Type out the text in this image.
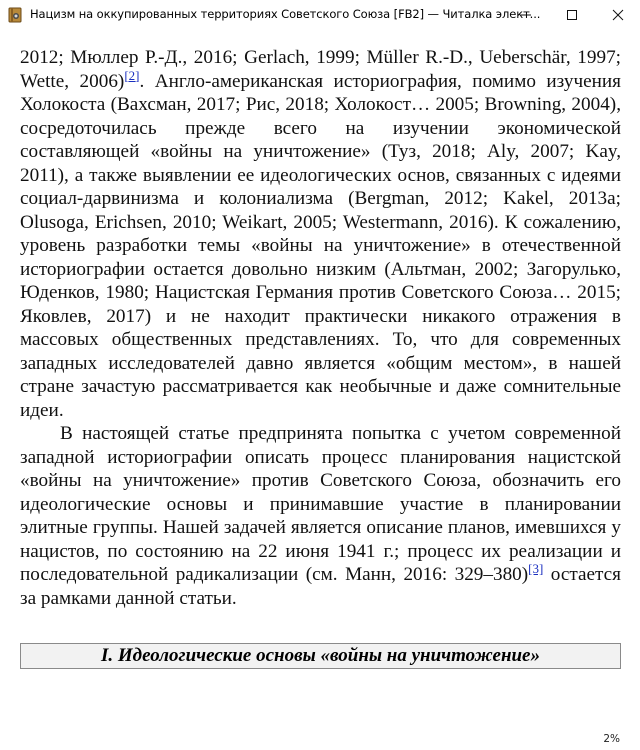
Нацизм на оккупированных территориях Советского Союза [FB2] — Читалка элект...

2012; Мюллер Р.-Д., 2016; Gerlach, 1999; Müller R.-D., Ueberschär, 1997; Wette, 2006)[2]. Англо-американская историография, помимо изучения Холокоста (Вахсман, 2017; Рис, 2018; Холокост… 2005; Browning, 2004), сосредоточилась прежде всего на изучении экономической составляющей «войны на уничтожение» (Туз, 2018; Aly, 2007; Kay, 2011), а также выявлении ее идеологических основ, связанных с идеями социал-дарвинизма и колониализма (Bergman, 2012; Kakel, 2013a; Olusoga, Erichsen, 2010; Weikart, 2005; Westermann, 2016). К сожалению, уровень разработки темы «войны на уничтожение» в отечественной историографии остается довольно низким (Альтман, 2002; Загорулько, Юденков, 1980; Нацистская Германия против Советского Союза… 2015; Яковлев, 2017) и не находит практически никакого отражения в массовых общественных представлениях. То, что для современных западных исследователей давно является «общим местом», в нашей стране зачастую рассматривается как необычные и даже сомнительные идеи.

В настоящей статье предпринята попытка с учетом современной западной историографии описать процесс планирования нацистской «войны на уничтожение» против Советского Союза, обозначить его идеологические основы и принимавшие участие в планировании элитные группы. Нашей задачей является описание планов, имевшихся у нацистов, по состоянию на 22 июня 1941 г.; процесс их реализации и последовательной радикализации (см. Манн, 2016: 329–380)[3] остается за рамками данной статьи.

I. Идеологические основы «войны на уничтожение»
2%
